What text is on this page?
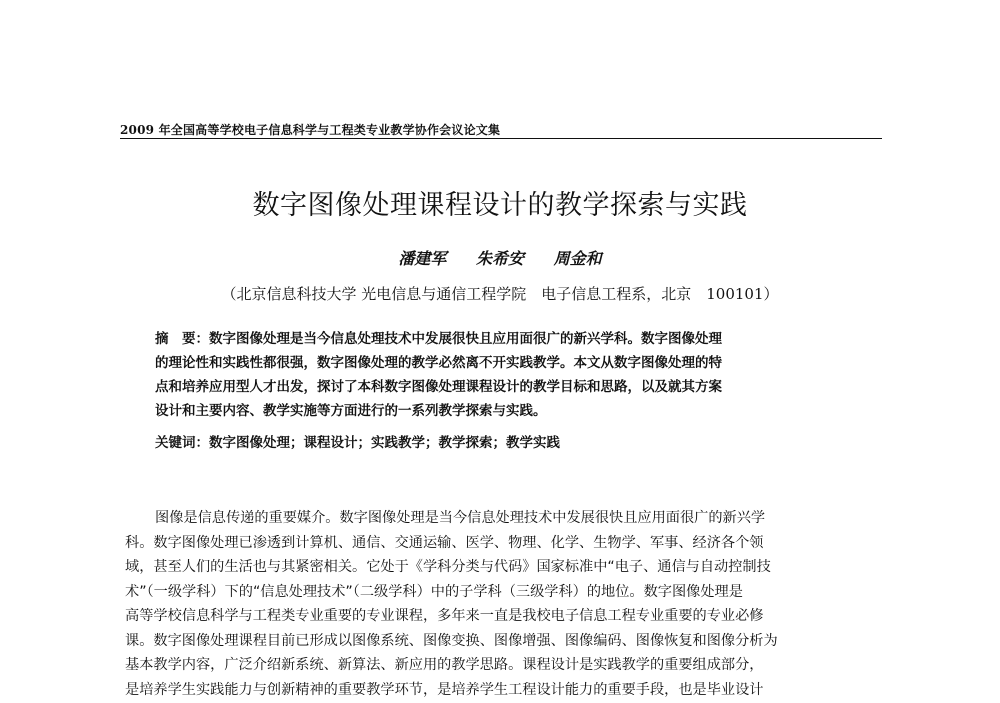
2009 年全国高等学校电子信息科学与工程类专业教学协作会议论文集
数字图像处理课程设计的教学探索与实践
潘建军 朱希安 周金和
（北京信息科技大学 光电信息与通信工程学院　电子信息工程系，北京　100101）
摘　要：数字图像处理是当今信息处理技术中发展很快且应用面很广的新兴学科。数字图像处理
的理论性和实践性都很强，数字图像处理的教学必然离不开实践教学。本文从数字图像处理的特
点和培养应用型人才出发，探讨了本科数字图像处理课程设计的教学目标和思路，以及就其方案
设计和主要内容、教学实施等方面进行的一系列教学探索与实践。
关键词：数字图像处理；课程设计；实践教学；教学探索；教学实践
图像是信息传递的重要媒介。数字图像处理是当今信息处理技术中发展很快且应用面很广的新兴学
科。数字图像处理已渗透到计算机、通信、交通运输、医学、物理、化学、生物学、军事、经济各个领
域，甚至人们的生活也与其紧密相关。它处于《学科分类与代码》国家标准中“电子、通信与自动控制技
术”（一级学科）下的“信息处理技术”（二级学科）中的子学科（三级学科）的地位。数字图像处理是
高等学校信息科学与工程类专业重要的专业课程，多年来一直是我校电子信息工程专业重要的专业必修
课。数字图像处理课程目前已形成以图像系统、图像变换、图像增强、图像编码、图像恢复和图像分析为
基本教学内容，广泛介绍新系统、新算法、新应用的教学思路。课程设计是实践教学的重要组成部分，
是培养学生实践能力与创新精神的重要教学环节，是培养学生工程设计能力的重要手段，也是毕业设计
